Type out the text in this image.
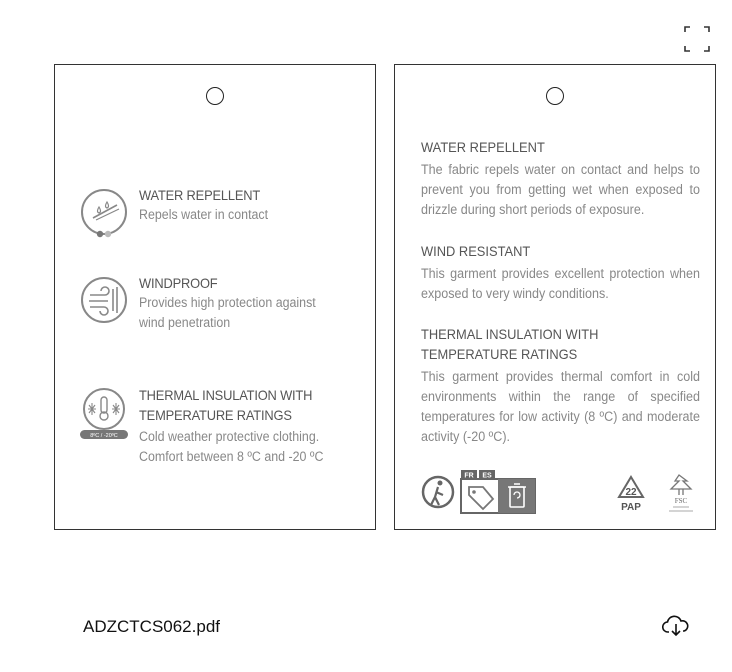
WATER REPELLENT
Repels water in contact
WINDPROOF
Provides high protection against wind penetration
8ºC / -20ºC
THERMAL INSULATION WITH TEMPERATURE RATINGS
Cold weather protective clothing. Comfort between 8 ºC and -20 ºC
WATER REPELLENT
The fabric repels water on contact and helps to prevent you from getting wet when exposed to drizzle during short periods of exposure.
WIND RESISTANT
This garment provides excellent protection when exposed to very windy conditions.
THERMAL INSULATION WITH TEMPERATURE RATINGS
This garment provides thermal comfort in cold environments within the range of specified temperatures for low activity (8 ºC) and moderate activity (-20 ºC).
FR ES
22
PAP
FSC
ADZCTCS062.pdf
